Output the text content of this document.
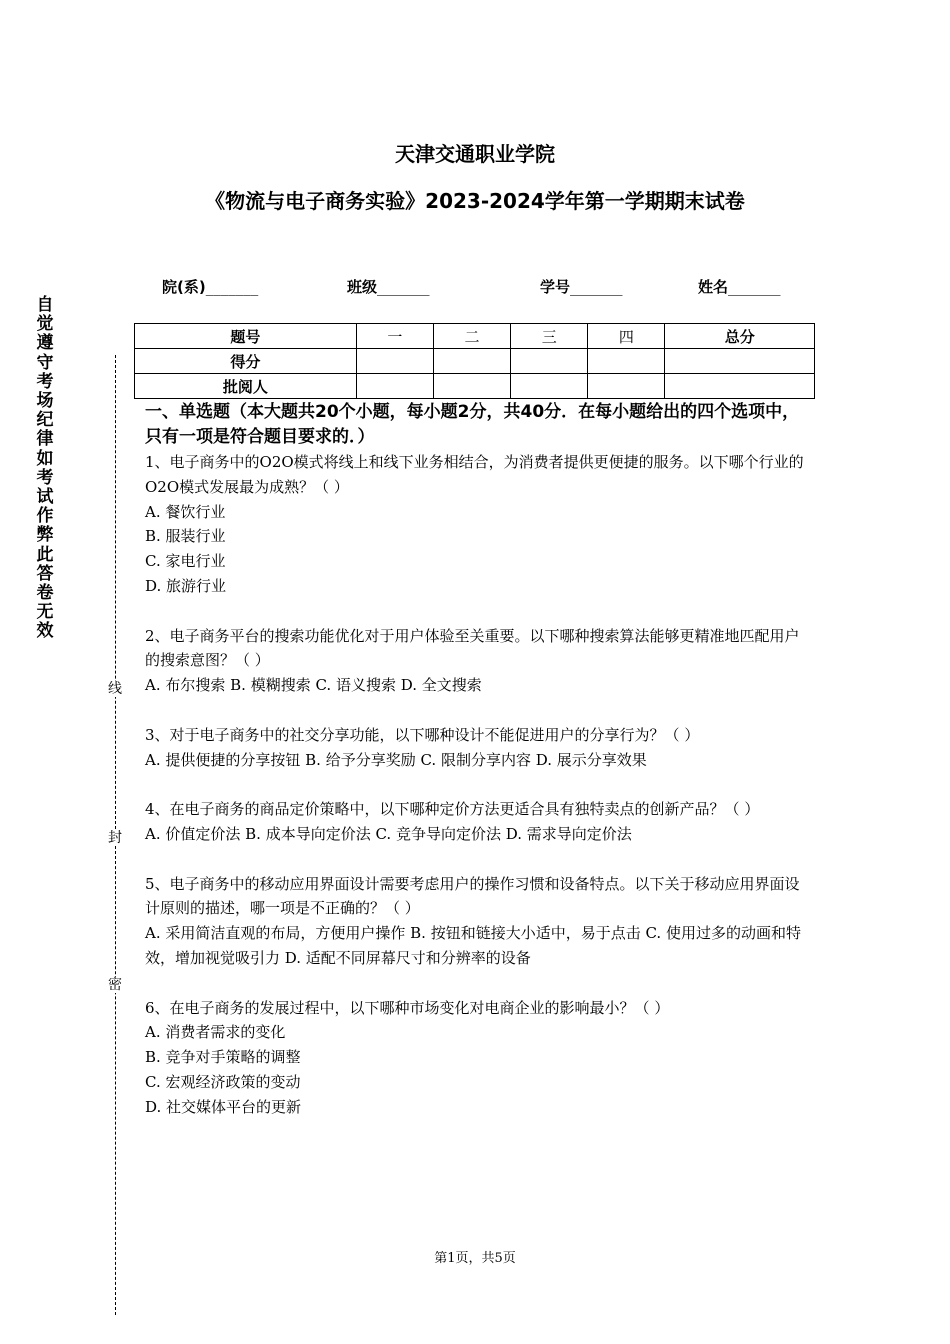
天津交通职业学院
《物流与电子商务实验》2023-2024学年第一学期期末试卷
院(系)_______	班级_______	学号_______	姓名_______
题号	一	二	三	四	总分
得分					
批阅人					
自
觉
遵
守
考
场
纪
律
如
考
试
作
弊
此
答
卷
无
效
线
封
密

一、单选题（本大题共20个小题，每小题2分，共40分．在每小题给出的四个选项中，只有一项是符合题目要求的．）

1、电子商务中的O2O模式将线上和线下业务相结合，为消费者提供更便捷的服务。以下哪个行业的O2O模式发展最为成熟？（ ）

A. 餐饮行业

B. 服装行业

C. 家电行业

D. 旅游行业

2、电子商务平台的搜索功能优化对于用户体验至关重要。以下哪种搜索算法能够更精准地匹配用户的搜索意图？（ ）

A. 布尔搜索 B. 模糊搜索 C. 语义搜索 D. 全文搜索

3、对于电子商务中的社交分享功能，以下哪种设计不能促进用户的分享行为？（ ）

A. 提供便捷的分享按钮 B. 给予分享奖励 C. 限制分享内容 D. 展示分享效果

4、在电子商务的商品定价策略中，以下哪种定价方法更适合具有独特卖点的创新产品？（ ）

A. 价值定价法 B. 成本导向定价法 C. 竞争导向定价法 D. 需求导向定价法

5、电子商务中的移动应用界面设计需要考虑用户的操作习惯和设备特点。以下关于移动应用界面设计原则的描述，哪一项是不正确的？（ ）

A. 采用简洁直观的布局，方便用户操作 B. 按钮和链接大小适中，易于点击 C. 使用过多的动画和特效，增加视觉吸引力 D. 适配不同屏幕尺寸和分辨率的设备

6、在电子商务的发展过程中，以下哪种市场变化对电商企业的影响最小？（ ）

A. 消费者需求的变化

B. 竞争对手策略的调整

C. 宏观经济政策的变动

D. 社交媒体平台的更新

第1页，共5页
